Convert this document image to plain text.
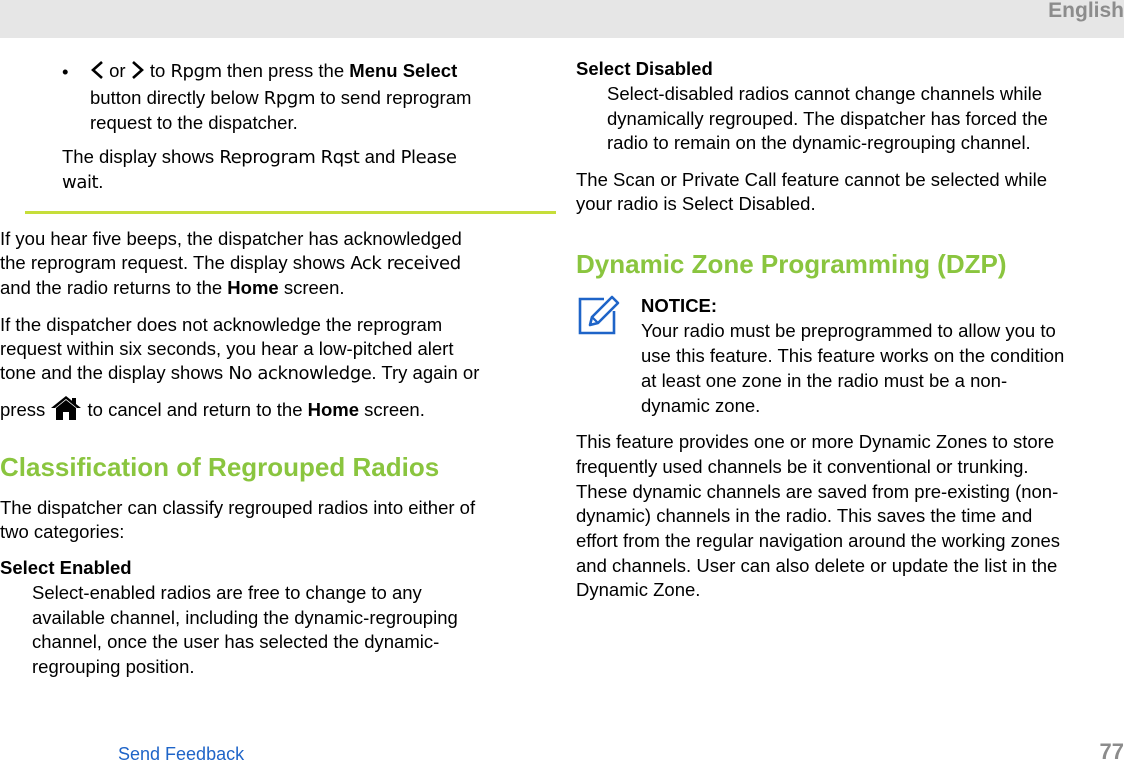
English
•	or to Rpgm then press the Menu Select

button directly below Rpgm to send reprogram

request to the dispatcher.

The display shows Reprogram Rqst and Please

wait.

If you hear five beeps, the dispatcher has acknowledged

the reprogram request. The display shows Ack received

and the radio returns to the Home screen.

If the dispatcher does not acknowledge the reprogram

request within six seconds, you hear a low-pitched alert

tone and the display shows No acknowledge. Try again or

press to cancel and return to the Home screen.

Classification of Regrouped Radios

The dispatcher can classify regrouped radios into either of

two categories:

Select Enabled

Select-enabled radios are free to change to any

available channel, including the dynamic-regrouping

channel, once the user has selected the dynamic-

regrouping position.

Select Disabled

Select-disabled radios cannot change channels while

dynamically regrouped. The dispatcher has forced the

radio to remain on the dynamic-regrouping channel.

The Scan or Private Call feature cannot be selected while

your radio is Select Disabled.

Dynamic Zone Programming (DZP)
NOTICE:

Your radio must be preprogrammed to allow you to

use this feature. This feature works on the condition

at least one zone in the radio must be a non-

dynamic zone.

This feature provides one or more Dynamic Zones to store

frequently used channels be it conventional or trunking.

These dynamic channels are saved from pre-existing (non-

dynamic) channels in the radio. This saves the time and

effort from the regular navigation around the working zones

and channels. User can also delete or update the list in the

Dynamic Zone.

Send Feedback	77
